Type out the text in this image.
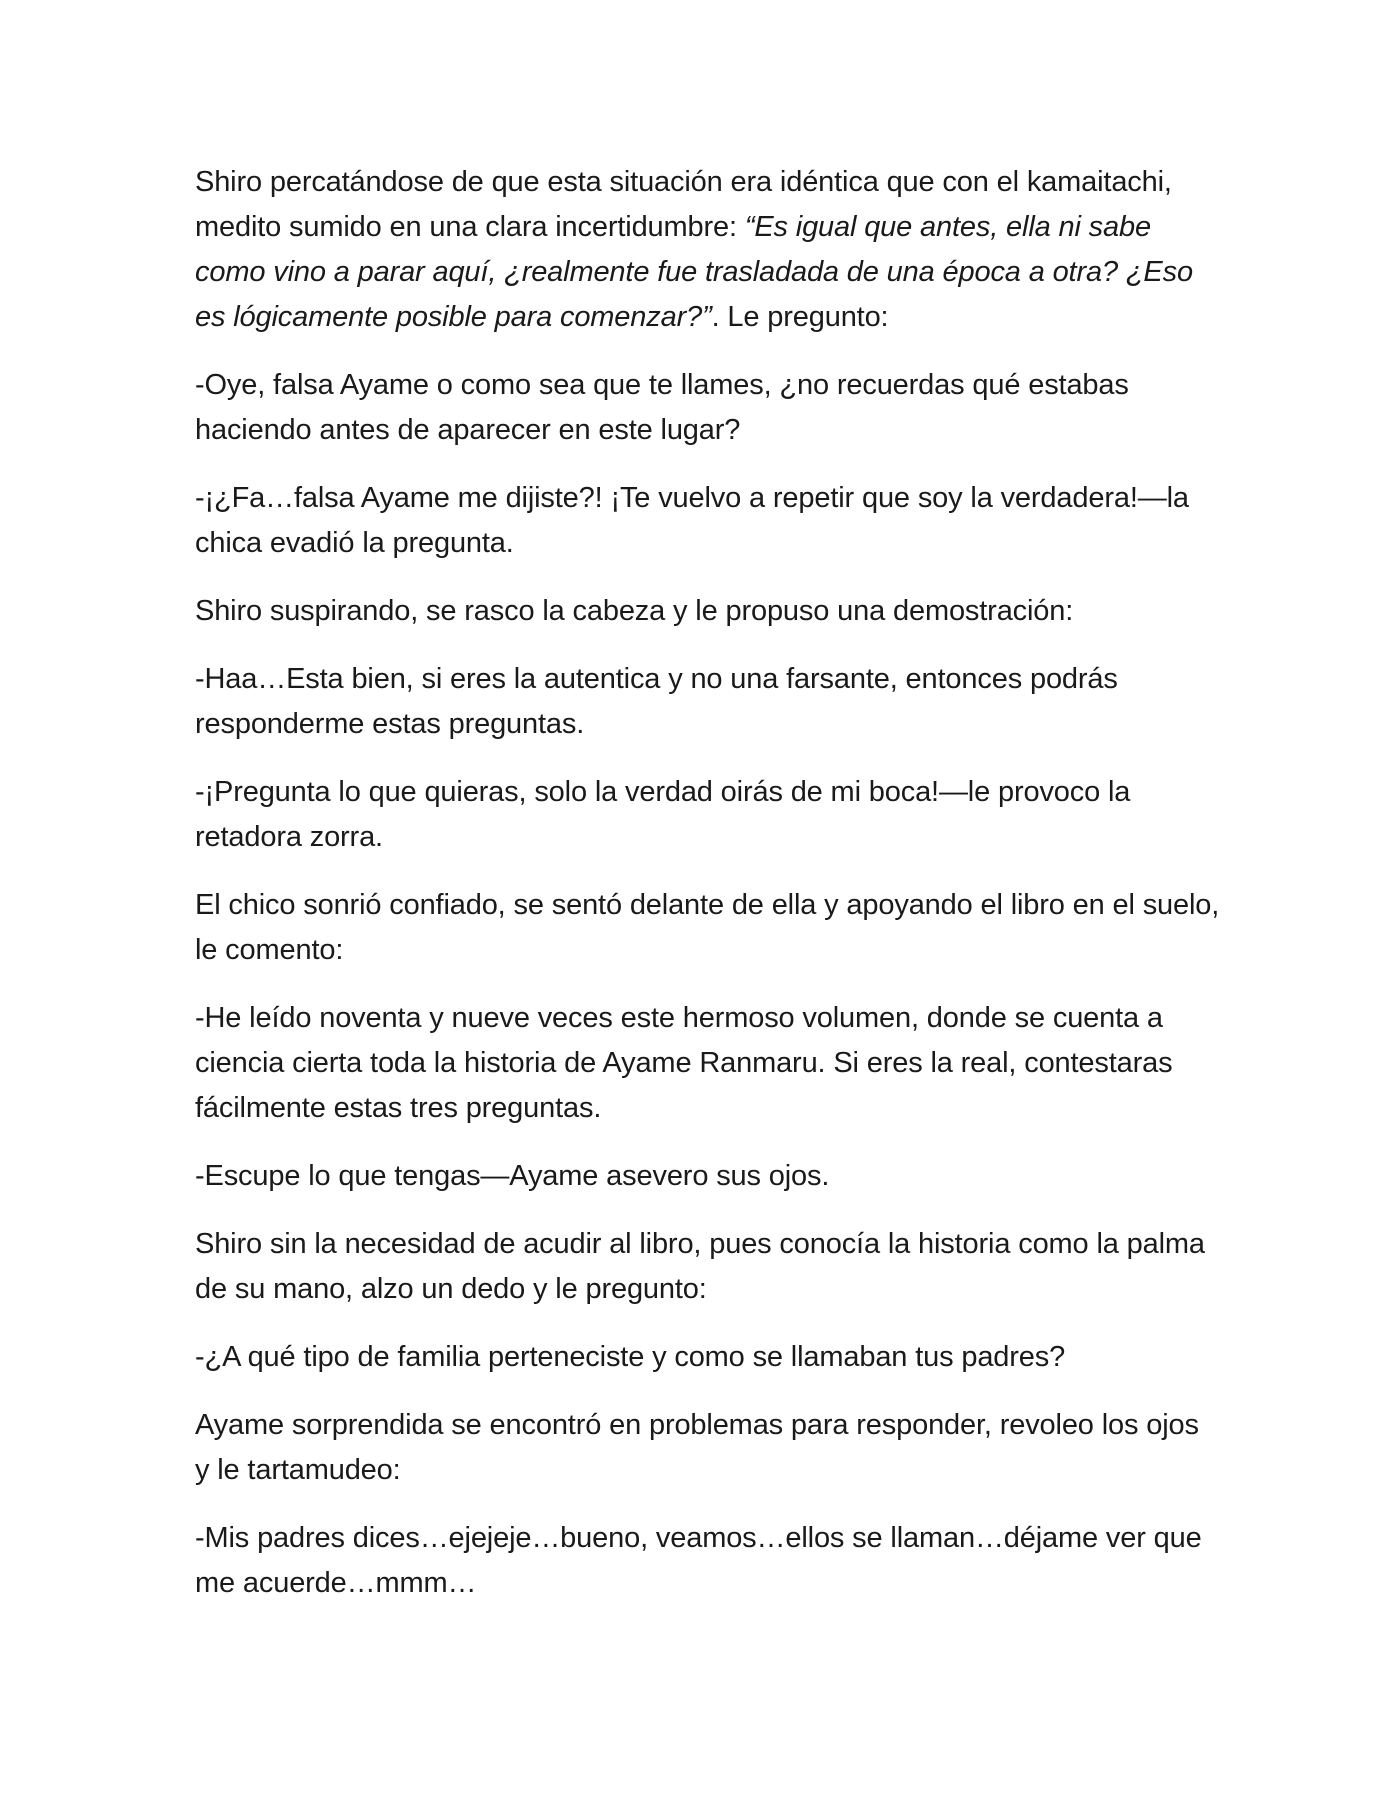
Shiro percatándose de que esta situación era idéntica que con el kamaitachi, medito sumido en una clara incertidumbre: “Es igual que antes, ella ni sabe como vino a parar aquí, ¿realmente fue trasladada de una época a otra? ¿Eso es lógicamente posible para comenzar?”. Le pregunto:

-Oye, falsa Ayame o como sea que te llames, ¿no recuerdas qué estabas haciendo antes de aparecer en este lugar?

-¡¿Fa…falsa Ayame me dijiste?! ¡Te vuelvo a repetir que soy la verdadera!—la chica evadió la pregunta.

Shiro suspirando, se rasco la cabeza y le propuso una demostración:

-Haa…Esta bien, si eres la autentica y no una farsante, entonces podrás responderme estas preguntas.

-¡Pregunta lo que quieras, solo la verdad oirás de mi boca!—le provoco la retadora zorra.

El chico sonrió confiado, se sentó delante de ella y apoyando el libro en el suelo, le comento:

-He leído noventa y nueve veces este hermoso volumen, donde se cuenta a ciencia cierta toda la historia de Ayame Ranmaru. Si eres la real, contestaras fácilmente estas tres preguntas.

-Escupe lo que tengas—Ayame asevero sus ojos.

Shiro sin la necesidad de acudir al libro, pues conocía la historia como la palma de su mano, alzo un dedo y le pregunto:

-¿A qué tipo de familia perteneciste y como se llamaban tus padres?

Ayame sorprendida se encontró en problemas para responder, revoleo los ojos y le tartamudeo:

-Mis padres dices…ejejeje…bueno, veamos…ellos se llaman…déjame ver que me acuerde…mmm…
